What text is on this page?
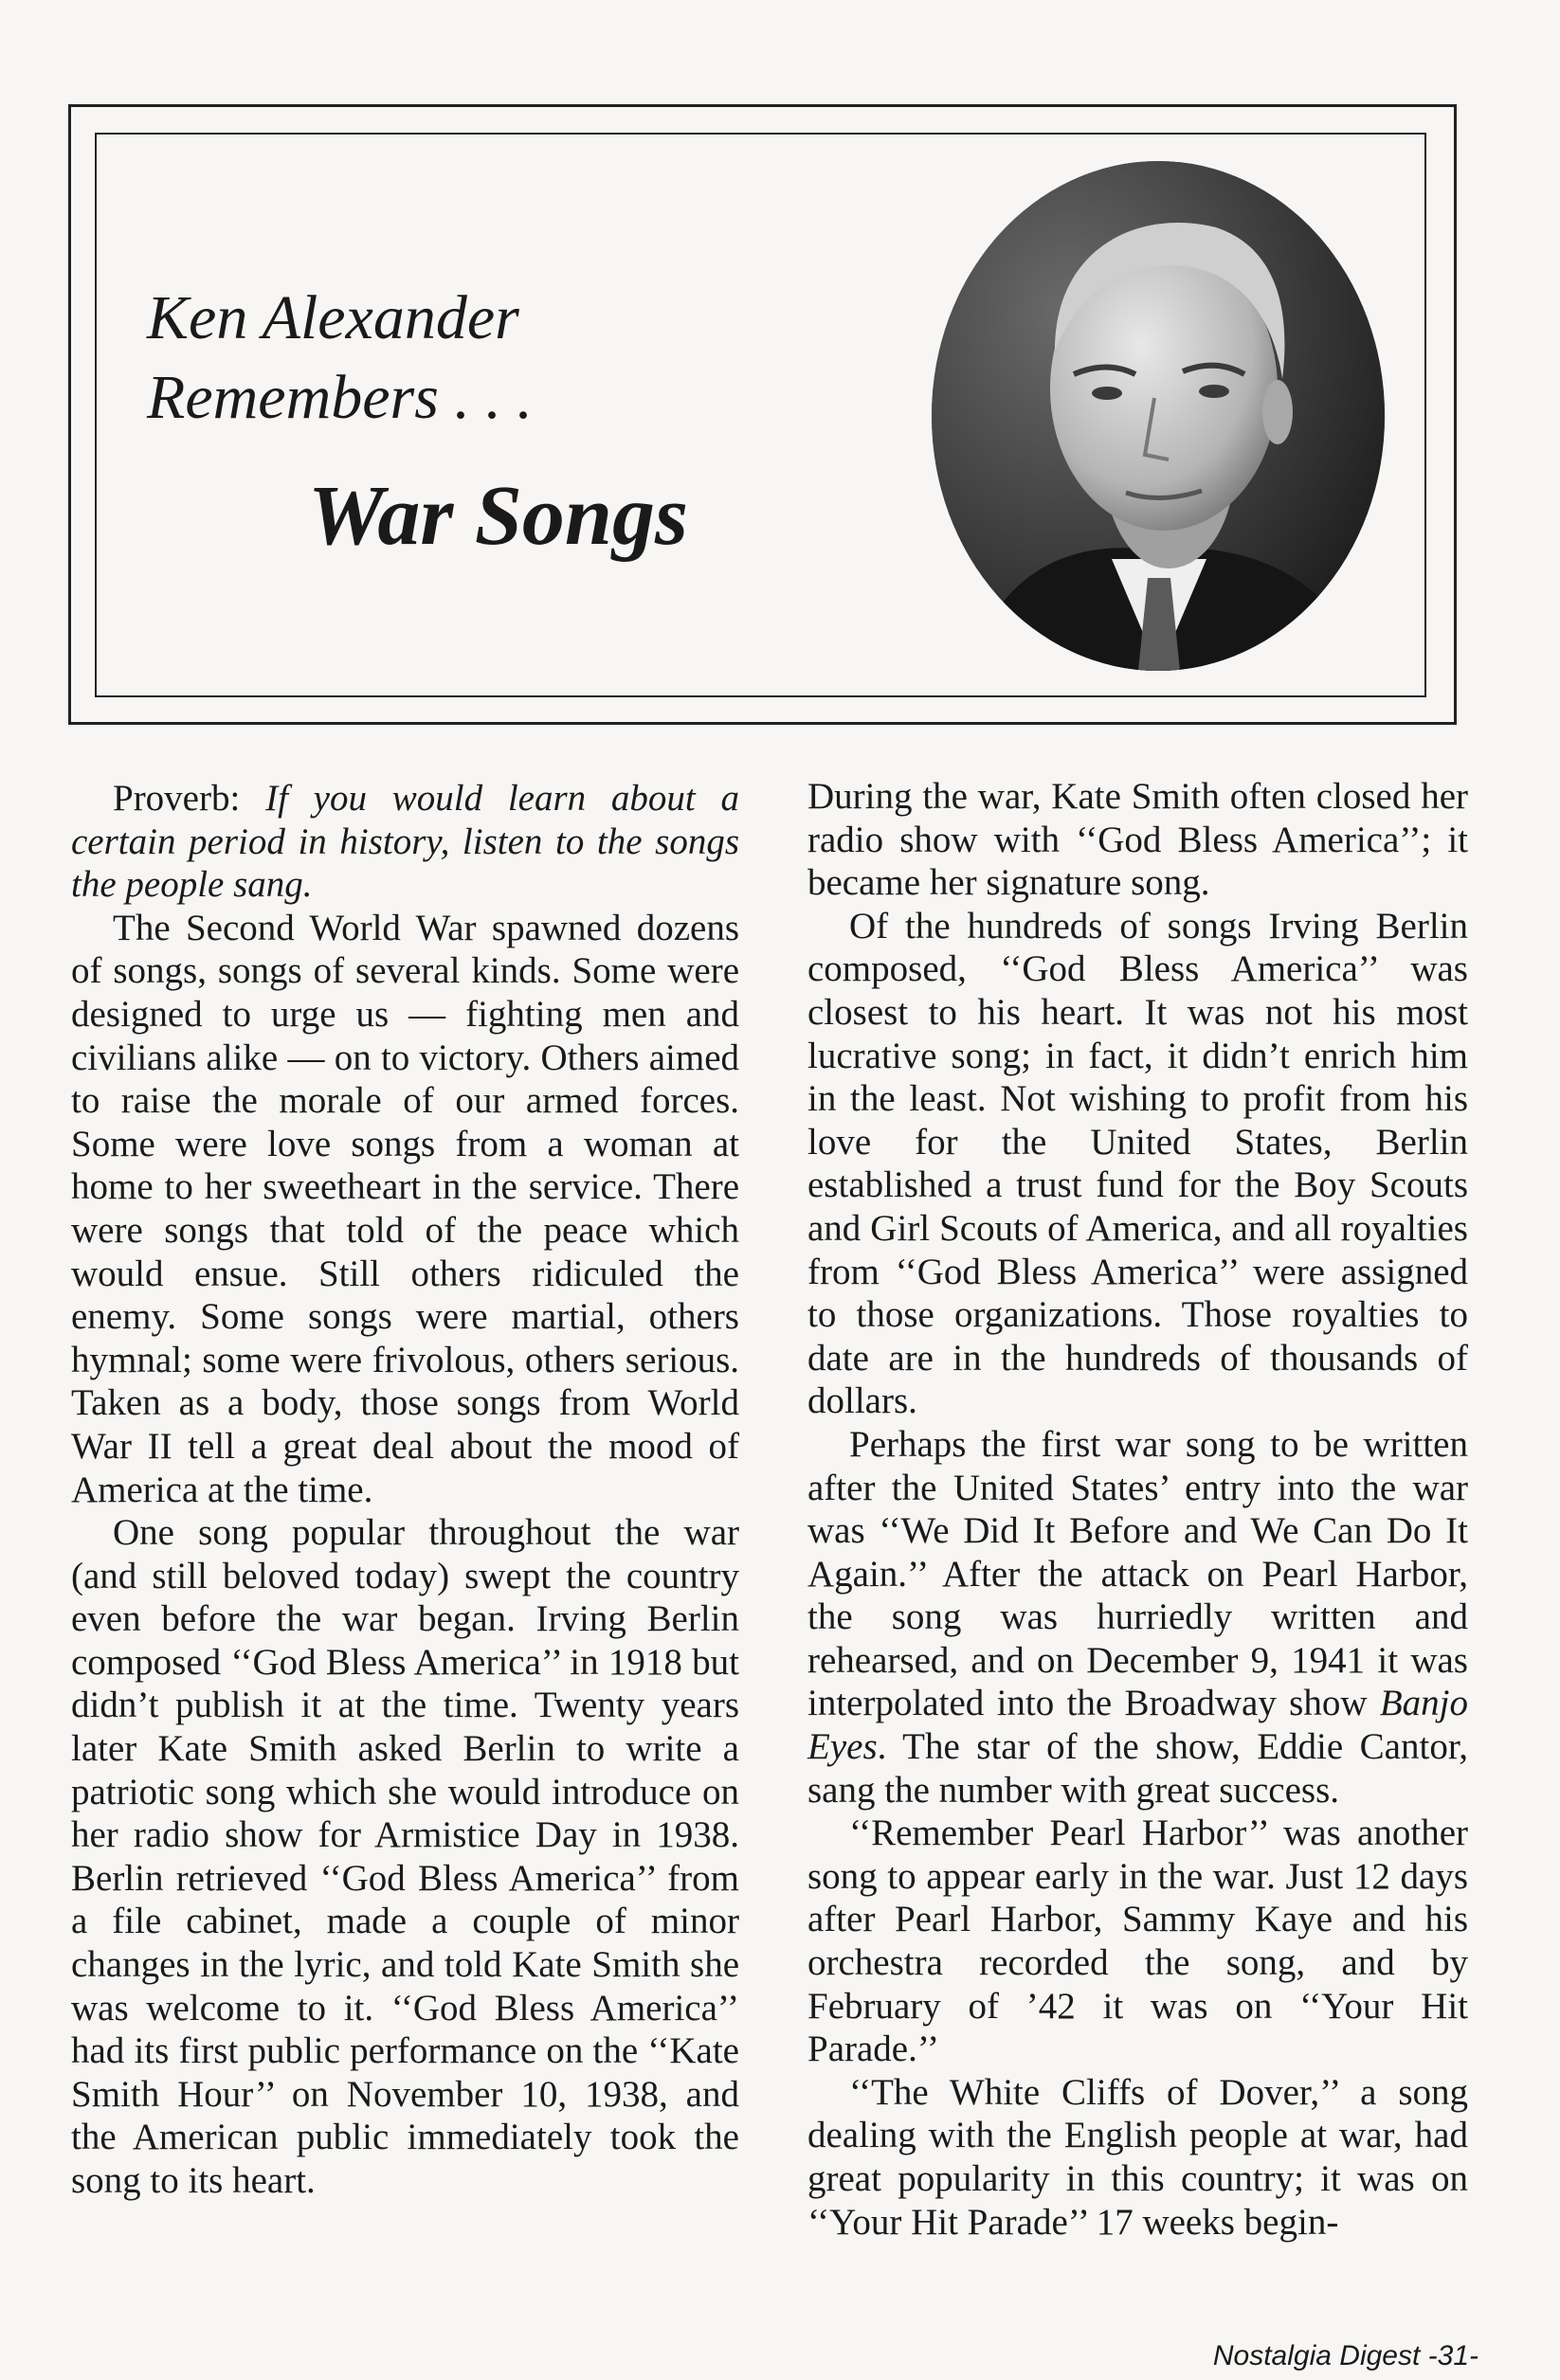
Ken Alexander
Remembers . . .
War Songs

Proverb: If you would learn about a certain period in history, listen to the songs the people sang.

The Second World War spawned dozens of songs, songs of several kinds. Some were designed to urge us — fighting men and civilians alike — on to victory. Others aimed to raise the morale of our armed forces. Some were love songs from a woman at home to her sweetheart in the service. There were songs that told of the peace which would ensue. Still others ridiculed the enemy. Some songs were martial, others hymnal; some were frivolous, others serious. Taken as a body, those songs from World War II tell a great deal about the mood of America at the time.

One song popular throughout the war (and still beloved today) swept the country even before the war began. Irving Berlin composed ‘‘God Bless America’’ in 1918 but didn’t publish it at the time. Twenty years later Kate Smith asked Berlin to write a patriotic song which she would introduce on her radio show for Armistice Day in 1938. Berlin retrieved ‘‘God Bless America’’ from a file cabinet, made a couple of minor changes in the lyric, and told Kate Smith she was welcome to it. ‘‘God Bless America’’ had its first public performance on the ‘‘Kate Smith Hour’’ on November 10, 1938, and the American public immediately took the song to its heart.

During the war, Kate Smith often closed her radio show with ‘‘God Bless America’’; it became her signature song.

Of the hundreds of songs Irving Berlin composed, ‘‘God Bless America’’ was closest to his heart. It was not his most lucrative song; in fact, it didn’t enrich him in the least. Not wishing to profit from his love for the United States, Berlin established a trust fund for the Boy Scouts and Girl Scouts of America, and all royalties from ‘‘God Bless America’’ were assigned to those organizations. Those royalties to date are in the hundreds of thousands of dollars.

Perhaps the first war song to be written after the United States’ entry into the war was ‘‘We Did It Before and We Can Do It Again.’’ After the attack on Pearl Harbor, the song was hurriedly written and rehearsed, and on December 9, 1941 it was interpolated into the Broadway show Banjo Eyes. The star of the show, Eddie Cantor, sang the number with great success.

‘‘Remember Pearl Harbor’’ was another song to appear early in the war. Just 12 days after Pearl Harbor, Sammy Kaye and his orchestra recorded the song, and by February of ’42 it was on ‘‘Your Hit Parade.’’

‘‘The White Cliffs of Dover,’’ a song dealing with the English people at war, had great popularity in this country; it was on ‘‘Your Hit Parade’’ 17 weeks begin-

Nostalgia Digest -31-
